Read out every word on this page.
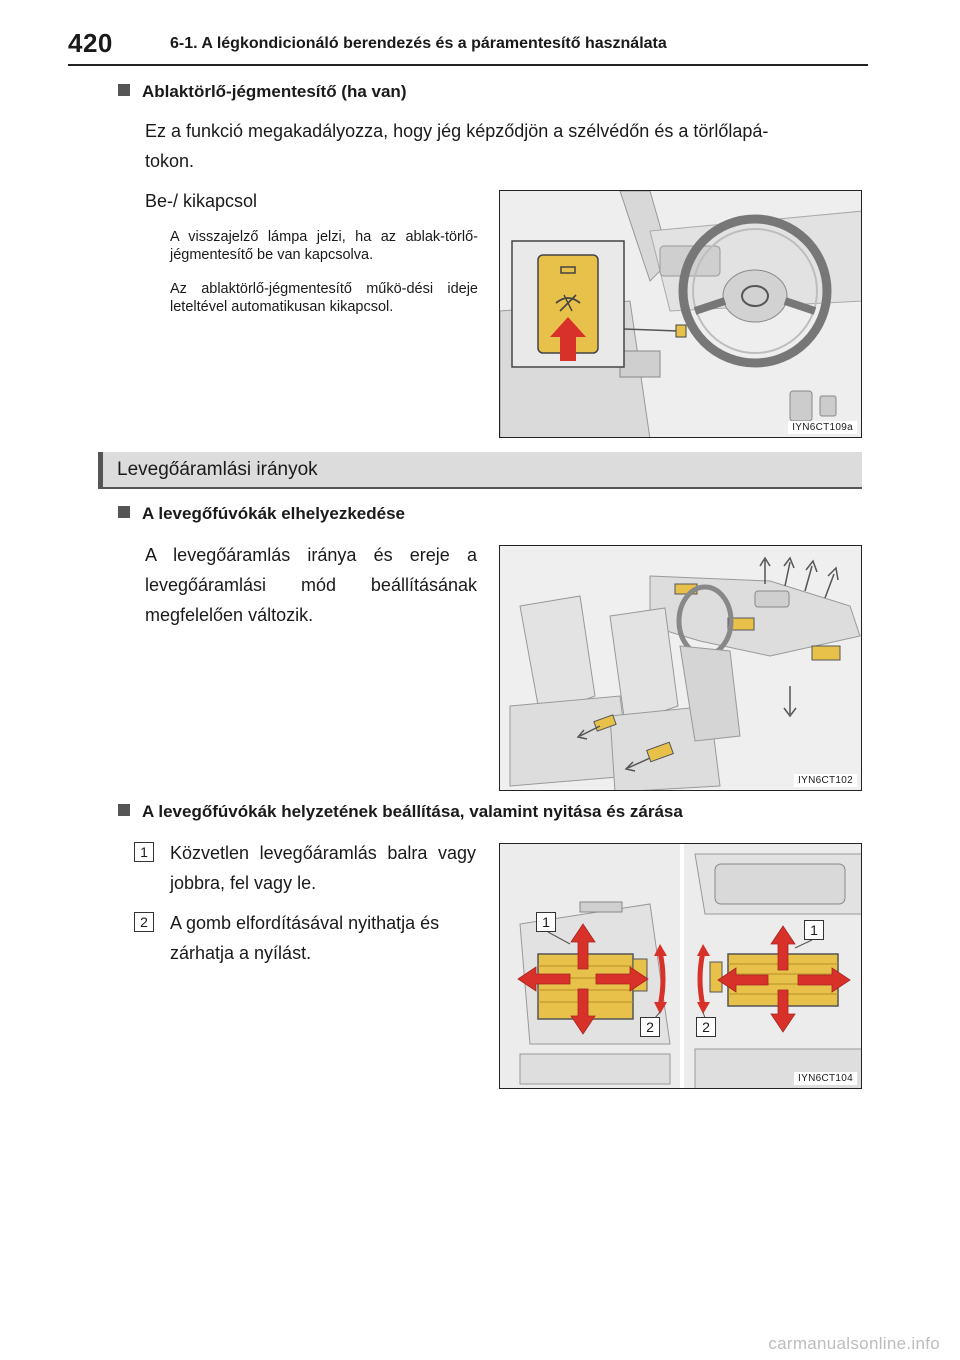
420	6-1. A légkondicionáló berendezés és a páramentesítő használata
Ablaktörlő-jégmentesítő (ha van)
Ez a funkció megakadályozza, hogy jég képződjön a szélvédőn és a törlőlapá-
tokon.
Be-/ kikapcsol
A visszajelző lámpa jelzi, ha az ablak-törlő-jégmentesítő be van kapcsolva.
Az ablaktörlő-jégmentesítő műkö-dési ideje leteltével automatikusan kikapcsol.
IYN6CT109a
Levegőáramlási irányok
A levegőfúvókák elhelyezkedése
A levegőáramlás iránya és ereje a levegőáramlási mód beállításának megfelelően változik.
IYN6CT102
A levegőfúvókák helyzetének beállítása, valamint nyitása és zárása
1	Közvetlen levegőáramlás balra vagy jobbra, fel vagy le.
2	A gomb elfordításával nyithatja és zárhatja a nyílást.
1	1
2	2
IYN6CT104
carmanualsonline.info
